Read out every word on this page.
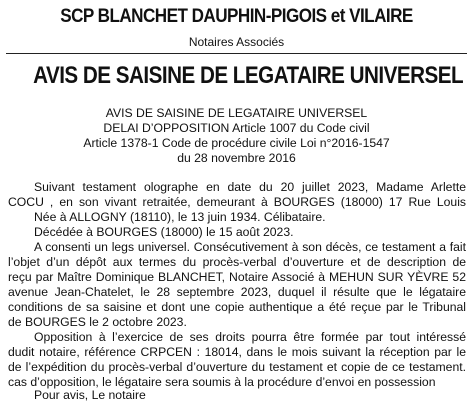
SCP BLANCHET DAUPHIN-PIGOIS et VILAIRE
Notaires Associés
AVIS DE SAISINE DE LEGATAIRE UNIVERSEL
AVIS DE SAISINE DE LEGATAIRE UNIVERSEL
DELAI D’OPPOSITION Article 1007 du Code civil
Article 1378-1 Code de procédure civile Loi n°2016-1547
du 28 novembre 2016
Suivant testament olographe en date du 20 juillet 2023, Madame Arlette
COCU , en son vivant retraitée, demeurant à BOURGES (18000) 17 Rue Louis
Née à ALLOGNY (18110), le 13 juin 1934. Célibataire.
Décédée à BOURGES (18000) le 15 août 2023.
A consenti un legs universel. Consécutivement à son décès, ce testament a fait
l’objet d’un dépôt aux termes du procès-verbal d’ouverture et de description de
reçu par Maître Dominique BLANCHET, Notaire Associé à MEHUN SUR YÈVRE 52
avenue Jean-Chatelet, le 28 septembre 2023, duquel il résulte que le légataire
conditions de sa saisine et dont une copie authentique a été reçue par le Tribunal
de BOURGES le 2 octobre 2023.
Opposition à l’exercice de ses droits pourra être formée par tout intéressé
dudit notaire, référence CRPCEN : 18014, dans le mois suivant la réception par le
de l’expédition du procès-verbal d’ouverture du testament et copie de ce testament.
cas d’opposition, le légataire sera soumis à la procédure d’envoi en possession
Pour avis, Le notaire
